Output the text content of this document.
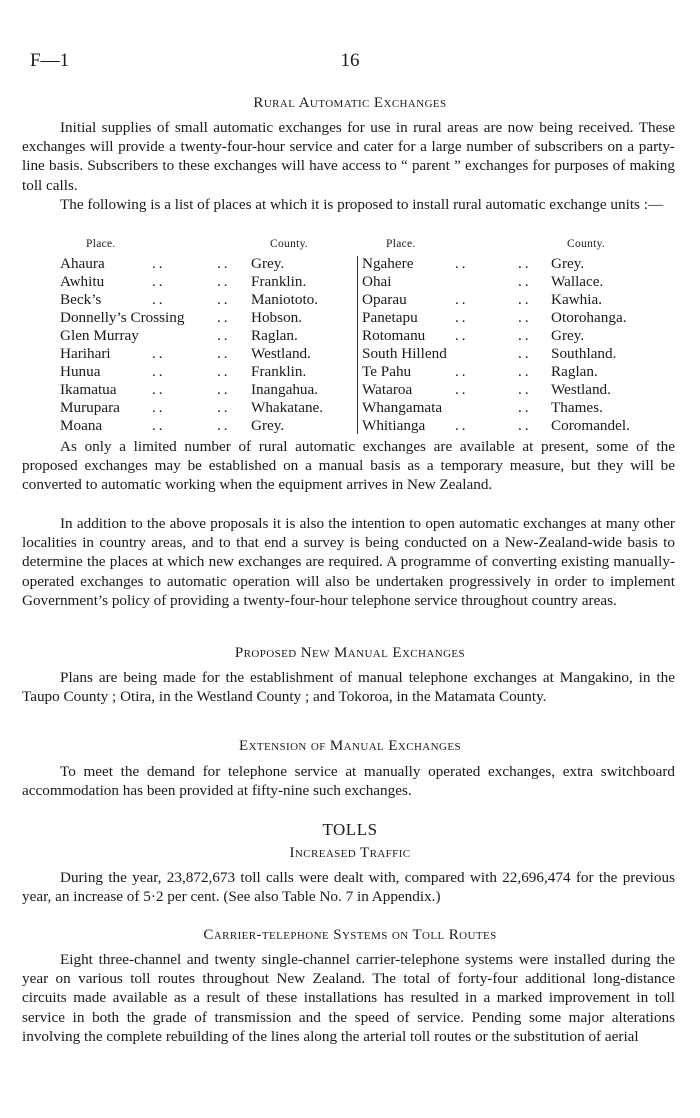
F—1	16
Rural Automatic Exchanges

Initial supplies of small automatic exchanges for use in rural areas are now being received. These exchanges will provide a twenty-four-hour service and cater for a large number of subscribers on a party-line basis. Subscribers to these exchanges will have access to “ parent ” exchanges for purposes of making toll calls.

The following is a list of places at which it is proposed to install rural automatic exchange units :—

Place.	County.	Place.	County.
Ahaura	..	.. Grey.	Ngahere	..	.. Grey.
Awhitu	..	.. Franklin.	Ohai	.. Wallace.
Beck’s	..	.. Maniototo.	Oparau	..	.. Kawhia.
Donnelly’s Crossing .. Hobson.	Panetapu ..	.. Otorohanga.
Glen Murray	.. Raglan.	Rotomanu ..	.. Grey.
Harihari	..	.. Westland.	South Hillend	.. Southland.
Hunua	..	.. Franklin.	Te Pahu	..	.. Raglan.
Ikamatua ..	.. Inangahua.	Wataroa	..	.. Westland.
Murupara ..	.. Whakatane.	Whangamata	.. Thames.
Moana	..	.. Grey.	Whitianga ..	.. Coromandel.

As only a limited number of rural automatic exchanges are available at present, some of the proposed exchanges may be established on a manual basis as a temporary measure, but they will be converted to automatic working when the equipment arrives in New Zealand.

In addition to the above proposals it is also the intention to open automatic exchanges at many other localities in country areas, and to that end a survey is being conducted on a New-Zealand-wide basis to determine the places at which new exchanges are required. A programme of converting existing manually-operated exchanges to automatic operation will also be undertaken progressively in order to implement Government’s policy of providing a twenty-four-hour telephone service throughout country areas.

Proposed New Manual Exchanges

Plans are being made for the establishment of manual telephone exchanges at Mangakino, in the Taupo County ; Otira, in the Westland County ; and Tokoroa, in the Matamata County.

Extension of Manual Exchanges

To meet the demand for telephone service at manually operated exchanges, extra switchboard accommodation has been provided at fifty-nine such exchanges.

TOLLS
Increased Traffic

During the year, 23,872,673 toll calls were dealt with, compared with 22,696,474 for the previous year, an increase of 5·2 per cent. (See also Table No. 7 in Appendix.)

Carrier-telephone Systems on Toll Routes

Eight three-channel and twenty single-channel carrier-telephone systems were installed during the year on various toll routes throughout New Zealand. The total of forty-four additional long-distance circuits made available as a result of these installations has resulted in a marked improvement in toll service in both the grade of transmission and the speed of service. Pending some major alterations involving the complete rebuilding of the lines along the arterial toll routes or the substitution of aerial
